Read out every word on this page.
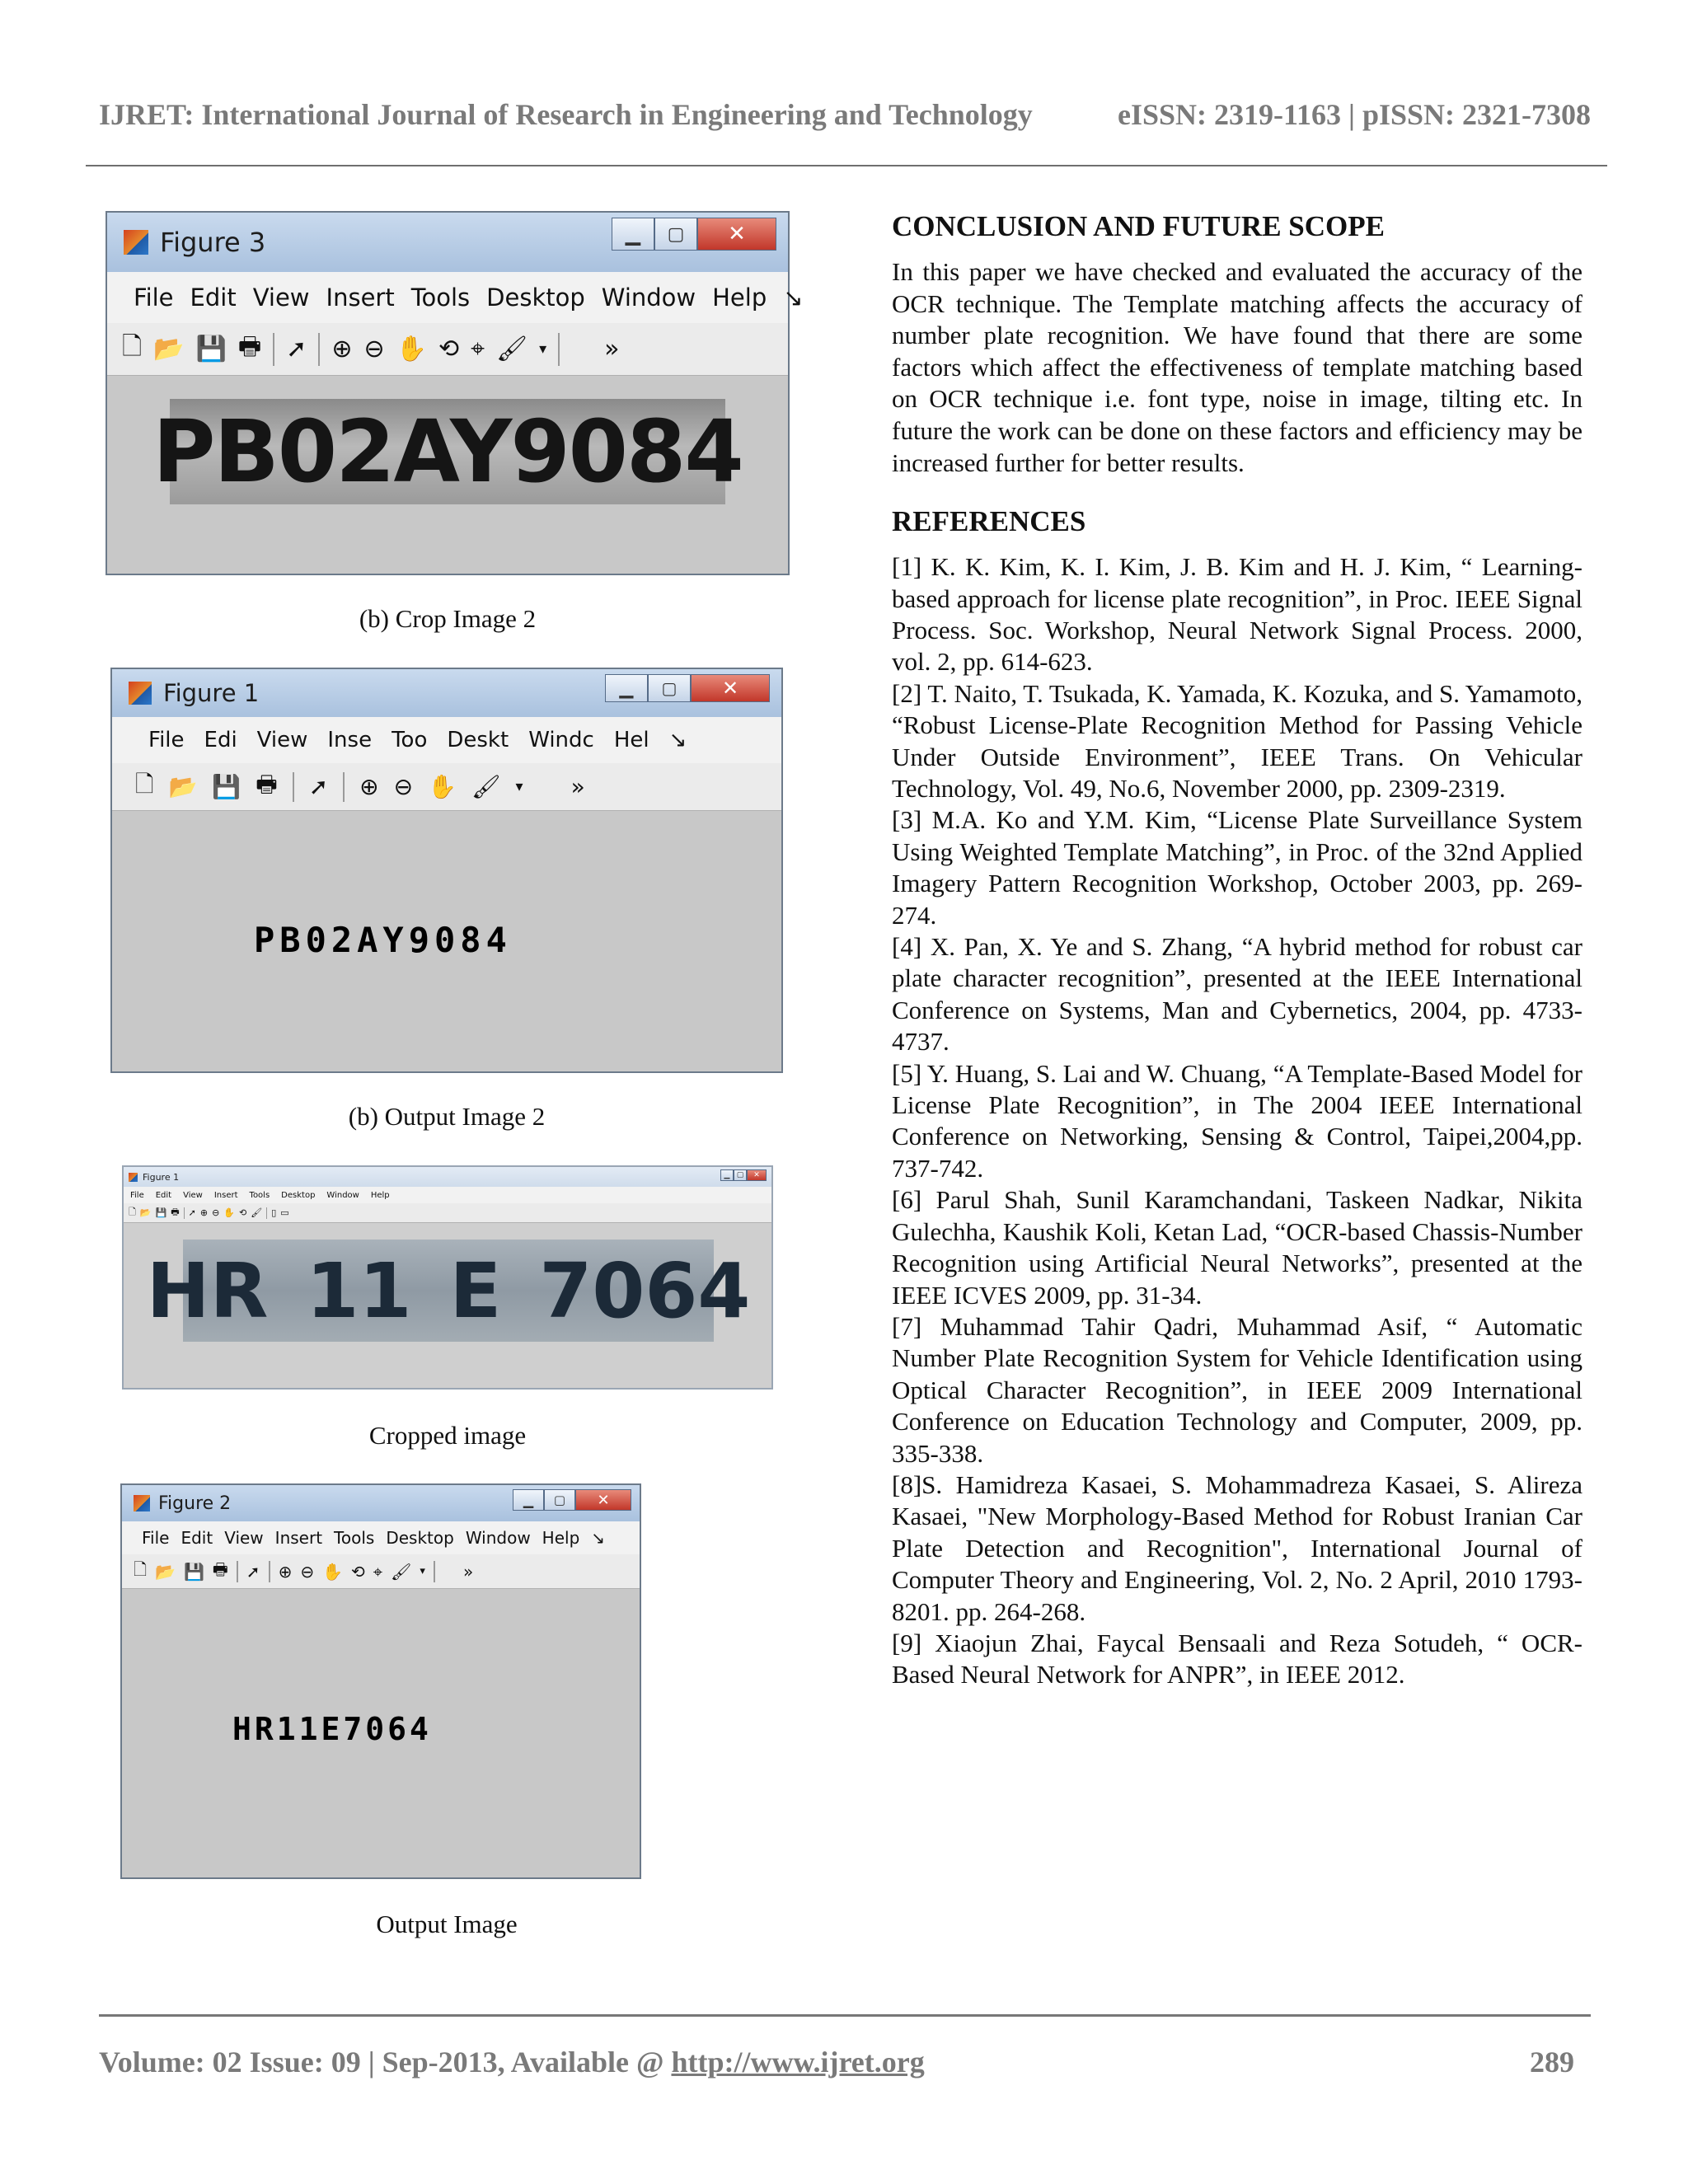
IJRET: International Journal of Research in Engineering and Technology	eISSN: 2319-1163 | pISSN: 2321-7308
Figure 3	▁	▢	✕
File Edit View Insert Tools Desktop Window Help ↘
🗋 📂 💾 🖶 ➚ ⊕ ⊖ ✋ ⟲ ⌖ 🖌 ▾ »
PB02AY9084
(b) Crop Image 2
Figure 1	▁	▢	✕
File Edi View Inse Too Deskt Windc Hel ↘
🗋 📂 💾 🖶 ➚ ⊕ ⊖ ✋ 🖌 ▾ »
PB02AY9084
(b) Output Image 2
Figure 1	▁ ▢	✕
File Edit View Insert Tools Desktop Window Help
🗋 📂 💾 🖶 ➚ ⊕ ⊖ ✋ ⟲ 🖌 ▯ ▭
HR 11 E 7064
Cropped image
Figure 2	▁	▢	✕
File Edit View Insert Tools Desktop Window Help ↘
🗋 📂 💾 🖶 ➚ ⊕ ⊖ ✋ ⟲ ⌖ 🖌 ▾ »
HR11E7064
Output Image
CONCLUSION AND FUTURE SCOPE

In this paper we have checked and evaluated the accuracy of the OCR technique. The Template matching affects the accuracy of number plate recognition. We have found that there are some factors which affect the effectiveness of template matching based on OCR technique i.e. font type, noise in image, tilting etc. In future the work can be done on these factors and efficiency may be increased further for better results.

REFERENCES

[1] K. K. Kim, K. I. Kim, J. B. Kim and H. J. Kim, “ Learning-based approach for license plate recognition”, in Proc. IEEE Signal Process. Soc. Workshop, Neural Network Signal Process. 2000, vol. 2, pp. 614-623.

[2] T. Naito, T. Tsukada, K. Yamada, K. Kozuka, and S. Yamamoto, “Robust License-Plate Recognition Method for Passing Vehicle Under Outside Environment”, IEEE Trans. On Vehicular Technology, Vol. 49, No.6, November 2000, pp. 2309-2319.

[3] M.A. Ko and Y.M. Kim, “License Plate Surveillance System Using Weighted Template Matching”, in Proc. of the 32nd Applied Imagery Pattern Recognition Workshop, October 2003, pp. 269-274.

[4] X. Pan, X. Ye and S. Zhang, “A hybrid method for robust car plate character recognition”, presented at the IEEE International Conference on Systems, Man and Cybernetics, 2004, pp. 4733-4737.

[5] Y. Huang, S. Lai and W. Chuang, “A Template-Based Model for License Plate Recognition”, in The 2004 IEEE International Conference on Networking, Sensing & Control, Taipei,2004,pp. 737-742.

[6] Parul Shah, Sunil Karamchandani, Taskeen Nadkar, Nikita Gulechha, Kaushik Koli, Ketan Lad, “OCR-based Chassis-Number Recognition using Artificial Neural Networks”, presented at the IEEE ICVES 2009, pp. 31-34.

[7] Muhammad Tahir Qadri, Muhammad Asif, “ Automatic Number Plate Recognition System for Vehicle Identification using Optical Character Recognition”, in IEEE 2009 International Conference on Education Technology and Computer, 2009, pp. 335-338.

[8]S. Hamidreza Kasaei, S. Mohammadreza Kasaei, S. Alireza Kasaei, "New Morphology-Based Method for Robust Iranian Car Plate Detection and Recognition", International Journal of Computer Theory and Engineering, Vol. 2, No. 2 April, 2010 1793-8201. pp. 264-268.

[9] Xiaojun Zhai, Faycal Bensaali and Reza Sotudeh, “ OCR-Based Neural Network for ANPR”, in IEEE 2012.

Volume: 02 Issue: 09 | Sep-2013, Available @ http://www.ijret.org	289
